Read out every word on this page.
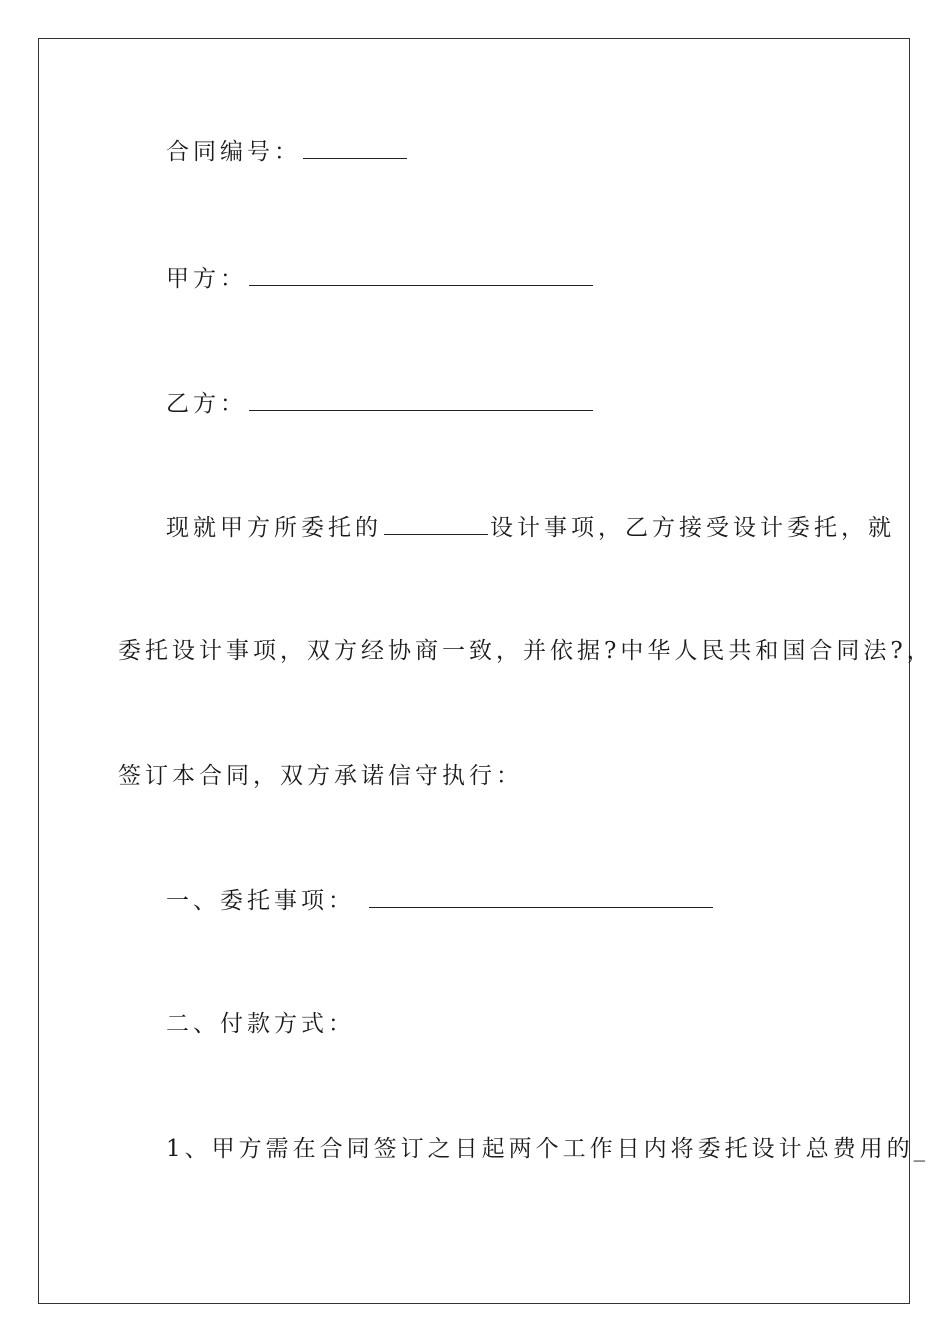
合同编号：
甲方：
乙方：
现就甲方所委托的	设计事项，乙方接受设计委托，就
委托设计事项，双方经协商一致，并依据?中华人民共和国合同法?，
签订本合同，双方承诺信守执行：
一、委托事项：
二、付款方式：
1、甲方需在合同签订之日起两个工作日内将委托设计总费用的_
